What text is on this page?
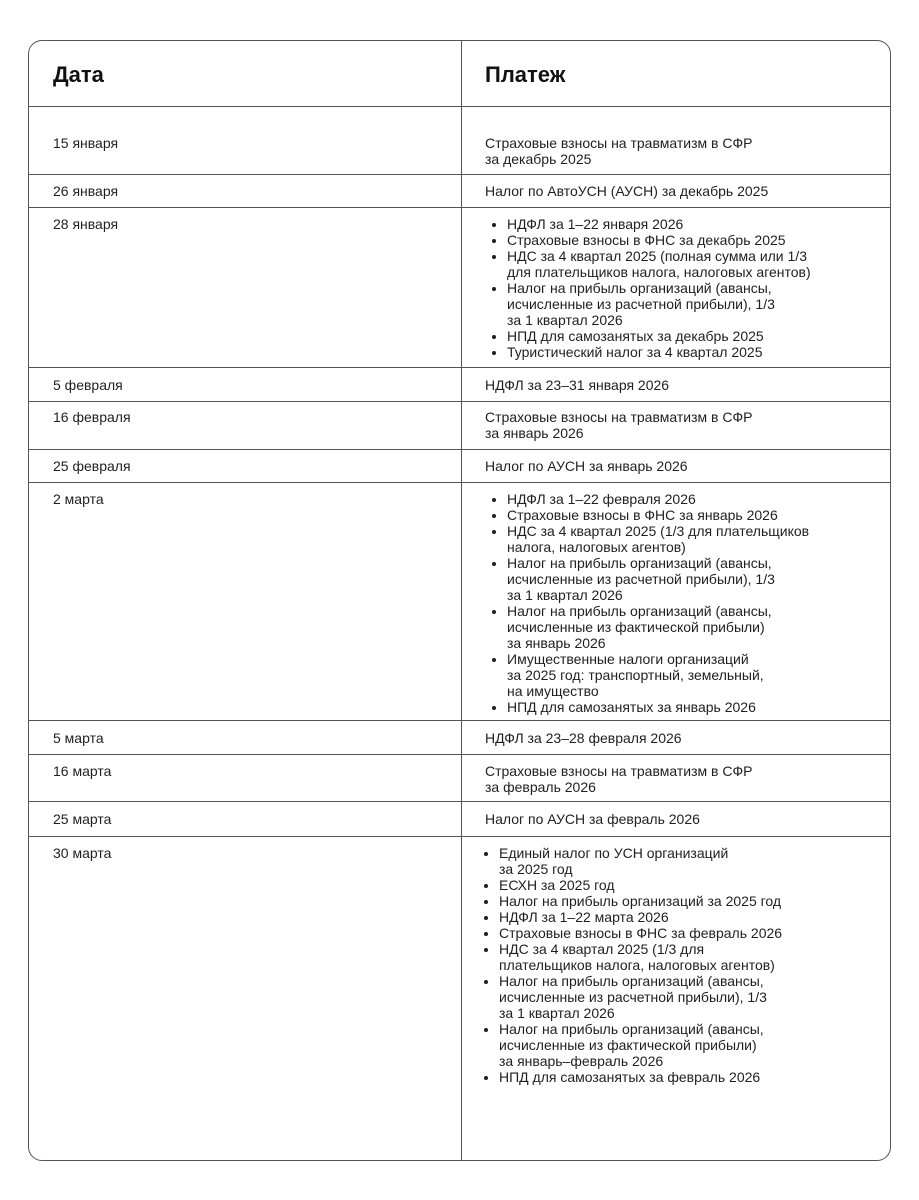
Дата	Платеж
15 января	Страховые взносы на травматизм в СФР
за декабрь 2025
26 января	Налог по АвтоУСН (АУСН) за декабрь 2025
28 января	• НДФЛ за 1–22 января 2026
• Страховые взносы в ФНС за декабрь 2025
• НДС за 4 квартал 2025 (полная сумма или 1/3
для плательщиков налога, налоговых агентов)
• Налог на прибыль организаций (авансы,
исчисленные из расчетной прибыли), 1/3
за 1 квартал 2026
• НПД для самозанятых за декабрь 2025
• Туристический налог за 4 квартал 2025
5 февраля	НДФЛ за 23–31 января 2026
16 февраля	Страховые взносы на травматизм в СФР
за январь 2026
25 февраля	Налог по АУСН за январь 2026
2 марта	• НДФЛ за 1–22 февраля 2026
• Страховые взносы в ФНС за январь 2026
• НДС за 4 квартал 2025 (1/3 для плательщиков
налога, налоговых агентов)
• Налог на прибыль организаций (авансы,
исчисленные из расчетной прибыли), 1/3
за 1 квартал 2026
• Налог на прибыль организаций (авансы,
исчисленные из фактической прибыли)
за январь 2026
• Имущественные налоги организаций
за 2025 год: транспортный, земельный,
на имущество
• НПД для самозанятых за январь 2026
5 марта	НДФЛ за 23–28 февраля 2026
16 марта	Страховые взносы на травматизм в СФР
за февраль 2026
25 марта	Налог по АУСН за февраль 2026
30 марта	• Единый налог по УСН организаций
за 2025 год
• ЕСХН за 2025 год
• Налог на прибыль организаций за 2025 год
• НДФЛ за 1–22 марта 2026
• Страховые взносы в ФНС за февраль 2026
• НДС за 4 квартал 2025 (1/3 для
плательщиков налога, налоговых агентов)
• Налог на прибыль организаций (авансы,
исчисленные из расчетной прибыли), 1/3
за 1 квартал 2026
• Налог на прибыль организаций (авансы,
исчисленные из фактической прибыли)
за январь–февраль 2026
• НПД для самозанятых за февраль 2026
